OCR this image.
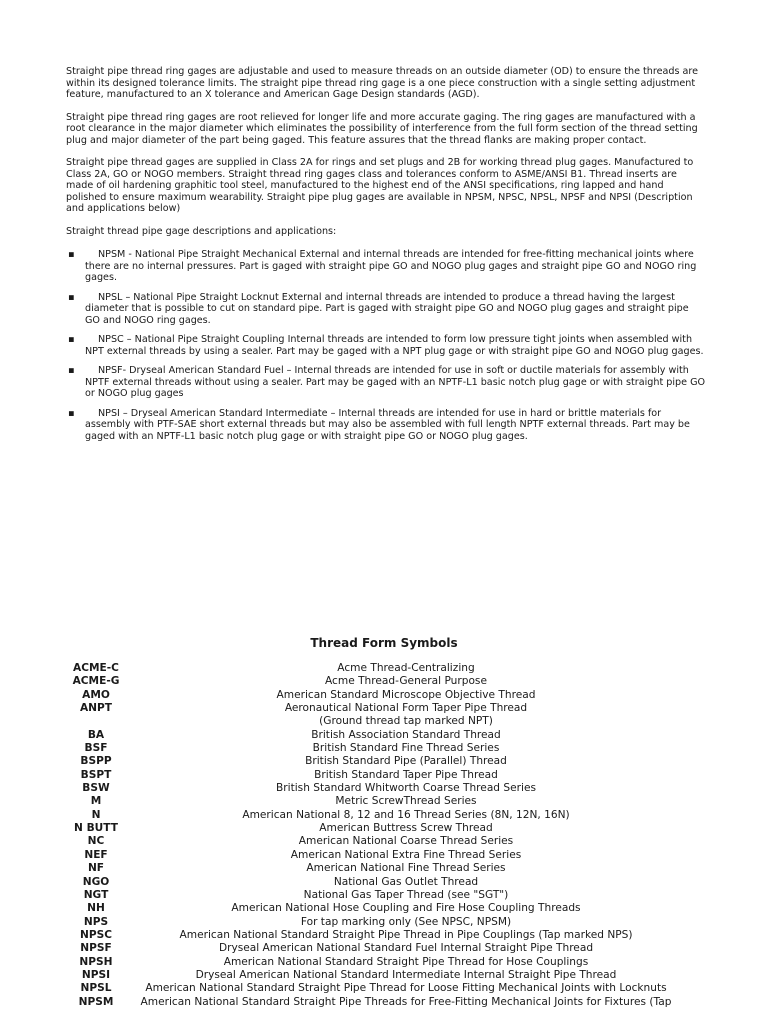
Straight pipe thread ring gages are adjustable and used to measure threads on an outside diameter (OD) to ensure the threads are within its designed tolerance limits. The straight pipe thread ring gage is a one piece construction with a single setting adjustment feature, manufactured to an X tolerance and American Gage Design standards (AGD).

Straight pipe thread ring gages are root relieved for longer life and more accurate gaging. The ring gages are manufactured with a root clearance in the major diameter which eliminates the possibility of interference from the full form section of the thread setting plug and major diameter of the part being gaged. This feature assures that the thread flanks are making proper contact.

Straight pipe thread gages are supplied in Class 2A for rings and set plugs and 2B for working thread plug gages. Manufactured to Class 2A, GO or NOGO members. Straight thread ring gages class and tolerances conform to ASME/ANSI B1. Thread inserts are made of oil hardening graphitic tool steel, manufactured to the highest end of the ANSI specifications, ring lapped and hand polished to ensure maximum wearability. Straight pipe plug gages are available in NPSM, NPSC, NPSL, NPSF and NPSI (Description and applications below)

Straight thread pipe gage descriptions and applications:

▪	NPSM - National Pipe Straight Mechanical External and internal threads are intended for free-fitting mechanical joints where there are no internal pressures. Part is gaged with straight pipe GO and NOGO plug gages and straight pipe GO and NOGO ring gages.
▪	NPSL – National Pipe Straight Locknut External and internal threads are intended to produce a thread having the largest diameter that is possible to cut on standard pipe. Part is gaged with straight pipe GO and NOGO plug gages and straight pipe GO and NOGO ring gages.
▪	NPSC – National Pipe Straight Coupling Internal threads are intended to form low pressure tight joints when assembled with NPT external threads by using a sealer. Part may be gaged with a NPT plug gage or with straight pipe GO and NOGO plug gages.
▪	NPSF- Dryseal American Standard Fuel – Internal threads are intended for use in soft or ductile materials for assembly with NPTF external threads without using a sealer. Part may be gaged with an NPTF-L1 basic notch plug gage or with straight pipe GO or NOGO plug gages
▪	NPSI – Dryseal American Standard Intermediate – Internal threads are intended for use in hard or brittle materials for assembly with PTF-SAE short external threads but may also be assembled with full length NPTF external threads. Part may be gaged with an NPTF-L1 basic notch plug gage or with straight pipe GO or NOGO plug gages.
Thread Form Symbols
ACME-C	Acme Thread-Centralizing
ACME-G	Acme Thread-General Purpose
AMO	American Standard Microscope Objective Thread
ANPT	Aeronautical National Form Taper Pipe Thread
(Ground thread tap marked NPT)
BA	British Association Standard Thread
BSF	British Standard Fine Thread Series
BSPP	British Standard Pipe (Parallel) Thread
BSPT	British Standard Taper Pipe Thread
BSW	British Standard Whitworth Coarse Thread Series
M	Metric ScrewThread Series
N	American National 8, 12 and 16 Thread Series (8N, 12N, 16N)
N BUTT	American Buttress Screw Thread
NC	American National Coarse Thread Series
NEF	American National Extra Fine Thread Series
NF	American National Fine Thread Series
NGO	National Gas Outlet Thread
NGT	National Gas Taper Thread (see "SGT")
NH	American National Hose Coupling and Fire Hose Coupling Threads
NPS	For tap marking only (See NPSC, NPSM)
NPSC	American National Standard Straight Pipe Thread in Pipe Couplings (Tap marked NPS)
NPSF	Dryseal American National Standard Fuel Internal Straight Pipe Thread
NPSH	American National Standard Straight Pipe Thread for Hose Couplings
NPSI	Dryseal American National Standard Intermediate Internal Straight Pipe Thread
NPSL	American National Standard Straight Pipe Thread for Loose Fitting Mechanical Joints with Locknuts
NPSM	American National Standard Straight Pipe Threads for Free-Fitting Mechanical Joints for Fixtures (Tap
